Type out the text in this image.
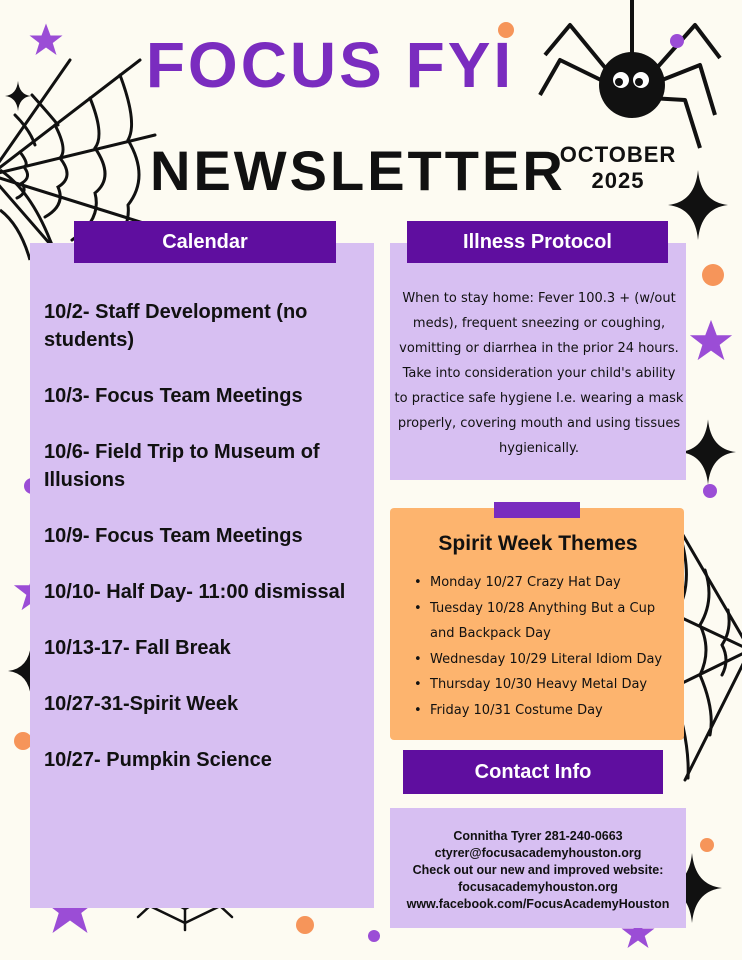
FOCUS FYI
NEWSLETTER
OCTOBER
2025
Calendar
10/2- Staff Development (no students)
10/3- Focus Team Meetings
10/6- Field Trip to Museum of Illusions
10/9- Focus Team Meetings
10/10- Half Day- 11:00 dismissal
10/13-17- Fall Break
10/27-31-Spirit Week
10/27- Pumpkin Science
Illness Protocol
When to stay home: Fever 100.3 + (w/out meds), frequent sneezing or coughing, vomitting or diarrhea in the prior 24 hours. Take into consideration your child's ability to practice safe hygiene I.e. wearing a mask properly, covering mouth and using tissues hygienically.
Spirit Week Themes
• Monday 10/27 Crazy Hat Day
• Tuesday 10/28 Anything But a Cup and Backpack Day
• Wednesday 10/29 Literal Idiom Day
• Thursday 10/30 Heavy Metal Day
• Friday 10/31 Costume Day
Contact Info
Connitha Tyrer 281-240-0663
ctyrer@focusacademyhouston.org
Check out our new and improved website:
focusacademyhouston.org
www.facebook.com/FocusAcademyHouston
